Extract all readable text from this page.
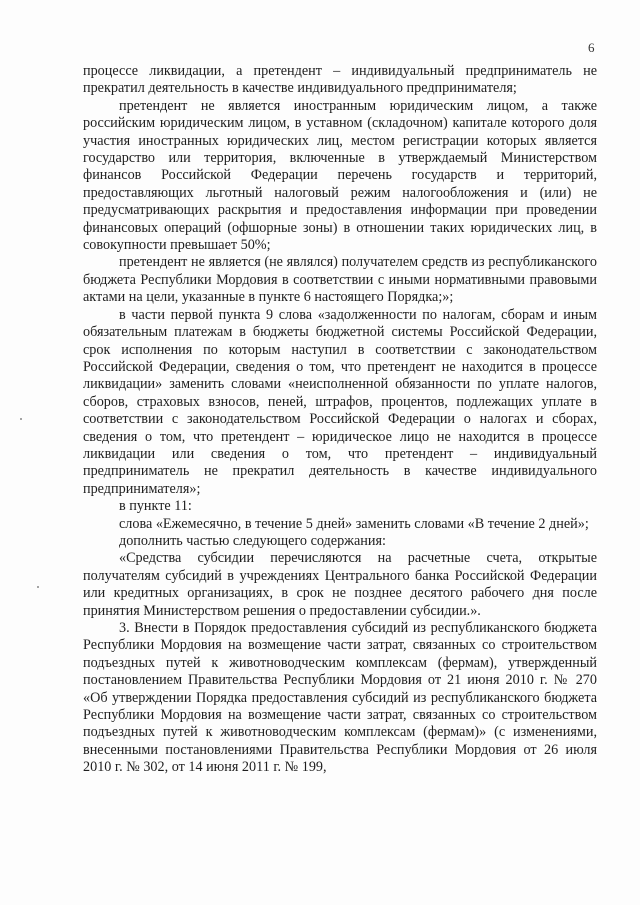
6

процессе ликвидации, а претендент – индивидуальный предприниматель не прекратил деятельность в качестве индивидуального предпринимателя;

претендент не является иностранным юридическим лицом, а также российским юридическим лицом, в уставном (складочном) капитале которого доля участия иностранных юридических лиц, местом регистрации которых является государство или территория, включенные в утверждаемый Министерством финансов Российской Федерации перечень государств и территорий, предоставляющих льготный налоговый режим налогообложения и (или) не предусматривающих раскрытия и предоставления информации при проведении финансовых операций (офшорные зоны) в отношении таких юридических лиц, в совокупности превышает 50%;

претендент не является (не являлся) получателем средств из республиканского бюджета Республики Мордовия в соответствии с иными нормативными правовыми актами на цели, указанные в пункте 6 настоящего Порядка;»;

в части первой пункта 9 слова «задолженности по налогам, сборам и иным обязательным платежам в бюджеты бюджетной системы Российской Федерации, срок исполнения по которым наступил в соответствии с законодательством Российской Федерации, сведения о том, что претендент не находится в процессе ликвидации» заменить словами «неисполненной обязанности по уплате налогов, сборов, страховых взносов, пеней, штрафов, процентов, подлежащих уплате в соответствии с законодательством Российской Федерации о налогах и сборах, сведения о том, что претендент – юридическое лицо не находится в процессе ликвидации или сведения о том, что претендент – индивидуальный предприниматель не прекратил деятельность в качестве индивидуального предпринимателя»;

в пункте 11:

слова «Ежемесячно, в течение 5 дней» заменить словами «В течение 2 дней»;

дополнить частью следующего содержания:

«Средства субсидии перечисляются на расчетные счета, открытые получателям субсидий в учреждениях Центрального банка Российской Федерации или кредитных организациях, в срок не позднее десятого рабочего дня после принятия Министерством решения о предоставлении субсидии.».

3. Внести в Порядок предоставления субсидий из республиканского бюджета Республики Мордовия на возмещение части затрат, связанных со строительством подъездных путей к животноводческим комплексам (фермам), утвержденный постановлением Правительства Республики Мордовия от 21 июня 2010 г. № 270 «Об утверждении Порядка предоставления субсидий из республиканского бюджета Республики Мордовия на возмещение части затрат, связанных со строительством подъездных путей к животноводческим комплексам (фермам)» (с изменениями, внесенными постановлениями Правительства Республики Мордовия от 26 июля 2010 г. № 302, от 14 июня 2011 г. № 199,
